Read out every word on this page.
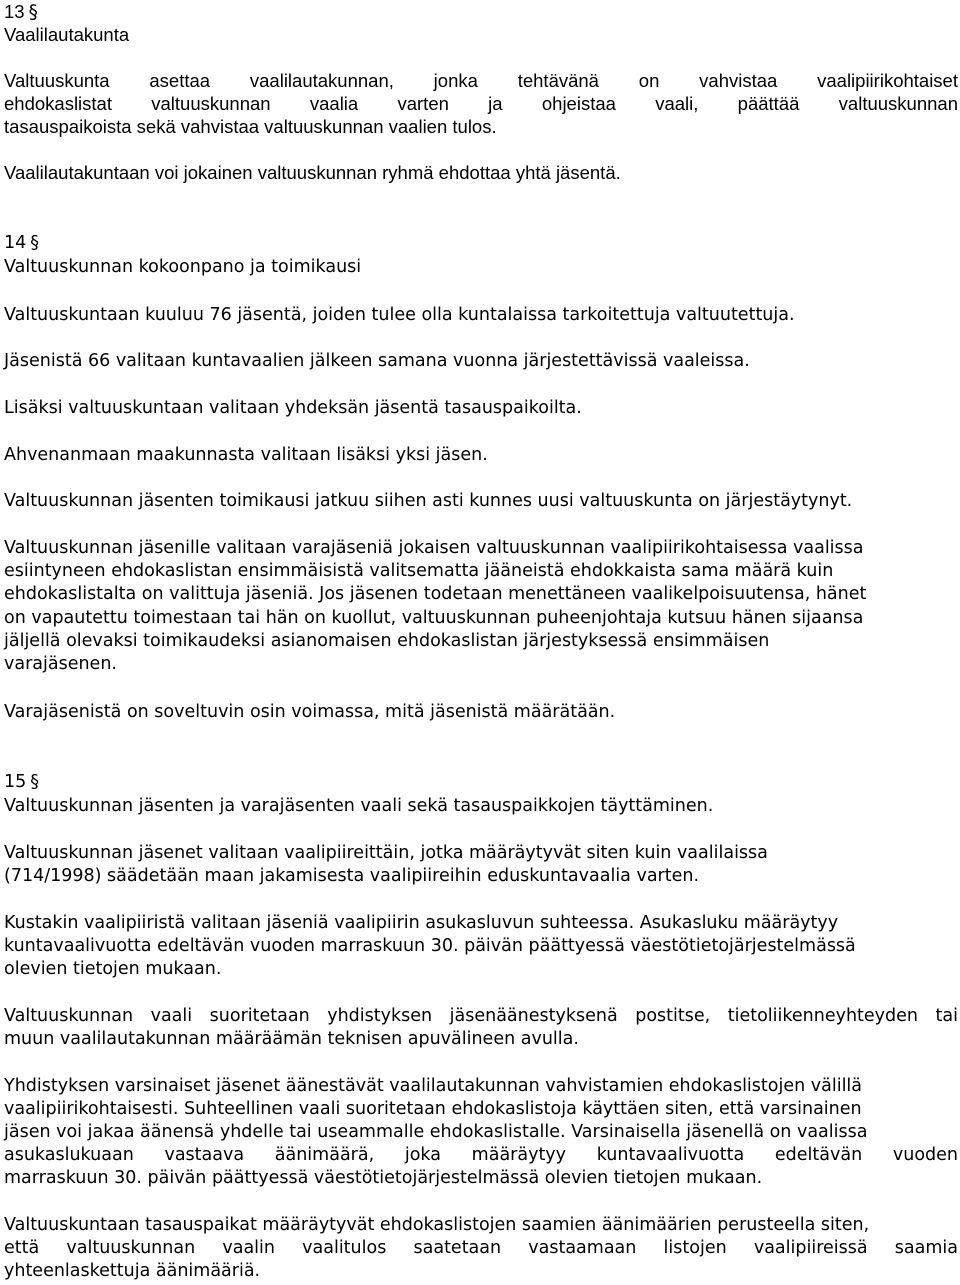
13 §
Vaalilautakunta
Valtuuskunta asettaa vaalilautakunnan, jonka tehtävänä on vahvistaa vaalipiirikohtaiset
ehdokaslistat valtuuskunnan vaalia varten ja ohjeistaa vaali, päättää valtuuskunnan
tasauspaikoista sekä vahvistaa valtuuskunnan vaalien tulos.
Vaalilautakuntaan voi jokainen valtuuskunnan ryhmä ehdottaa yhtä jäsentä.
14 §
Valtuuskunnan kokoonpano ja toimikausi
Valtuuskuntaan kuuluu 76 jäsentä, joiden tulee olla kuntalaissa tarkoitettuja valtuutettuja.
Jäsenistä 66 valitaan kuntavaalien jälkeen samana vuonna järjestettävissä vaaleissa.
Lisäksi valtuuskuntaan valitaan yhdeksän jäsentä tasauspaikoilta.
Ahvenanmaan maakunnasta valitaan lisäksi yksi jäsen.
Valtuuskunnan jäsenten toimikausi jatkuu siihen asti kunnes uusi valtuuskunta on järjestäytynyt.
Valtuuskunnan jäsenille valitaan varajäseniä jokaisen valtuuskunnan vaalipiirikohtaisessa vaalissa
esiintyneen ehdokaslistan ensimmäisistä valitsematta jääneistä ehdokkaista sama määrä kuin
ehdokaslistalta on valittuja jäseniä. Jos jäsenen todetaan menettäneen vaalikelpoisuutensa, hänet
on vapautettu toimestaan tai hän on kuollut, valtuuskunnan puheenjohtaja kutsuu hänen sijaansa
jäljellä olevaksi toimikaudeksi asianomaisen ehdokaslistan järjestyksessä ensimmäisen
varajäsenen.
Varajäsenistä on soveltuvin osin voimassa, mitä jäsenistä määrätään.
15 §
Valtuuskunnan jäsenten ja varajäsenten vaali sekä tasauspaikkojen täyttäminen.
Valtuuskunnan jäsenet valitaan vaalipiireittäin, jotka määräytyvät siten kuin vaalilaissa
(714/1998) säädetään maan jakamisesta vaalipiireihin eduskuntavaalia varten.
Kustakin vaalipiiristä valitaan jäseniä vaalipiirin asukasluvun suhteessa. Asukasluku määräytyy
kuntavaalivuotta edeltävän vuoden marraskuun 30. päivän päättyessä väestötietojärjestelmässä
olevien tietojen mukaan.
Valtuuskunnan vaali suoritetaan yhdistyksen jäsenäänestyksenä postitse, tietoliikenneyhteyden tai
muun vaalilautakunnan määräämän teknisen apuvälineen avulla.
Yhdistyksen varsinaiset jäsenet äänestävät vaalilautakunnan vahvistamien ehdokaslistojen välillä
vaalipiirikohtaisesti. Suhteellinen vaali suoritetaan ehdokaslistoja käyttäen siten, että varsinainen
jäsen voi jakaa äänensä yhdelle tai useammalle ehdokaslistalle. Varsinaisella jäsenellä on vaalissa
asukaslukuaan vastaava äänimäärä, joka määräytyy kuntavaalivuotta edeltävän vuoden
marraskuun 30. päivän päättyessä väestötietojärjestelmässä olevien tietojen mukaan.
Valtuuskuntaan tasauspaikat määräytyvät ehdokaslistojen saamien äänimäärien perusteella siten,
että valtuuskunnan vaalin vaalitulos saatetaan vastaamaan listojen vaalipiireissä saamia
yhteenlaskettuja äänimääriä.
